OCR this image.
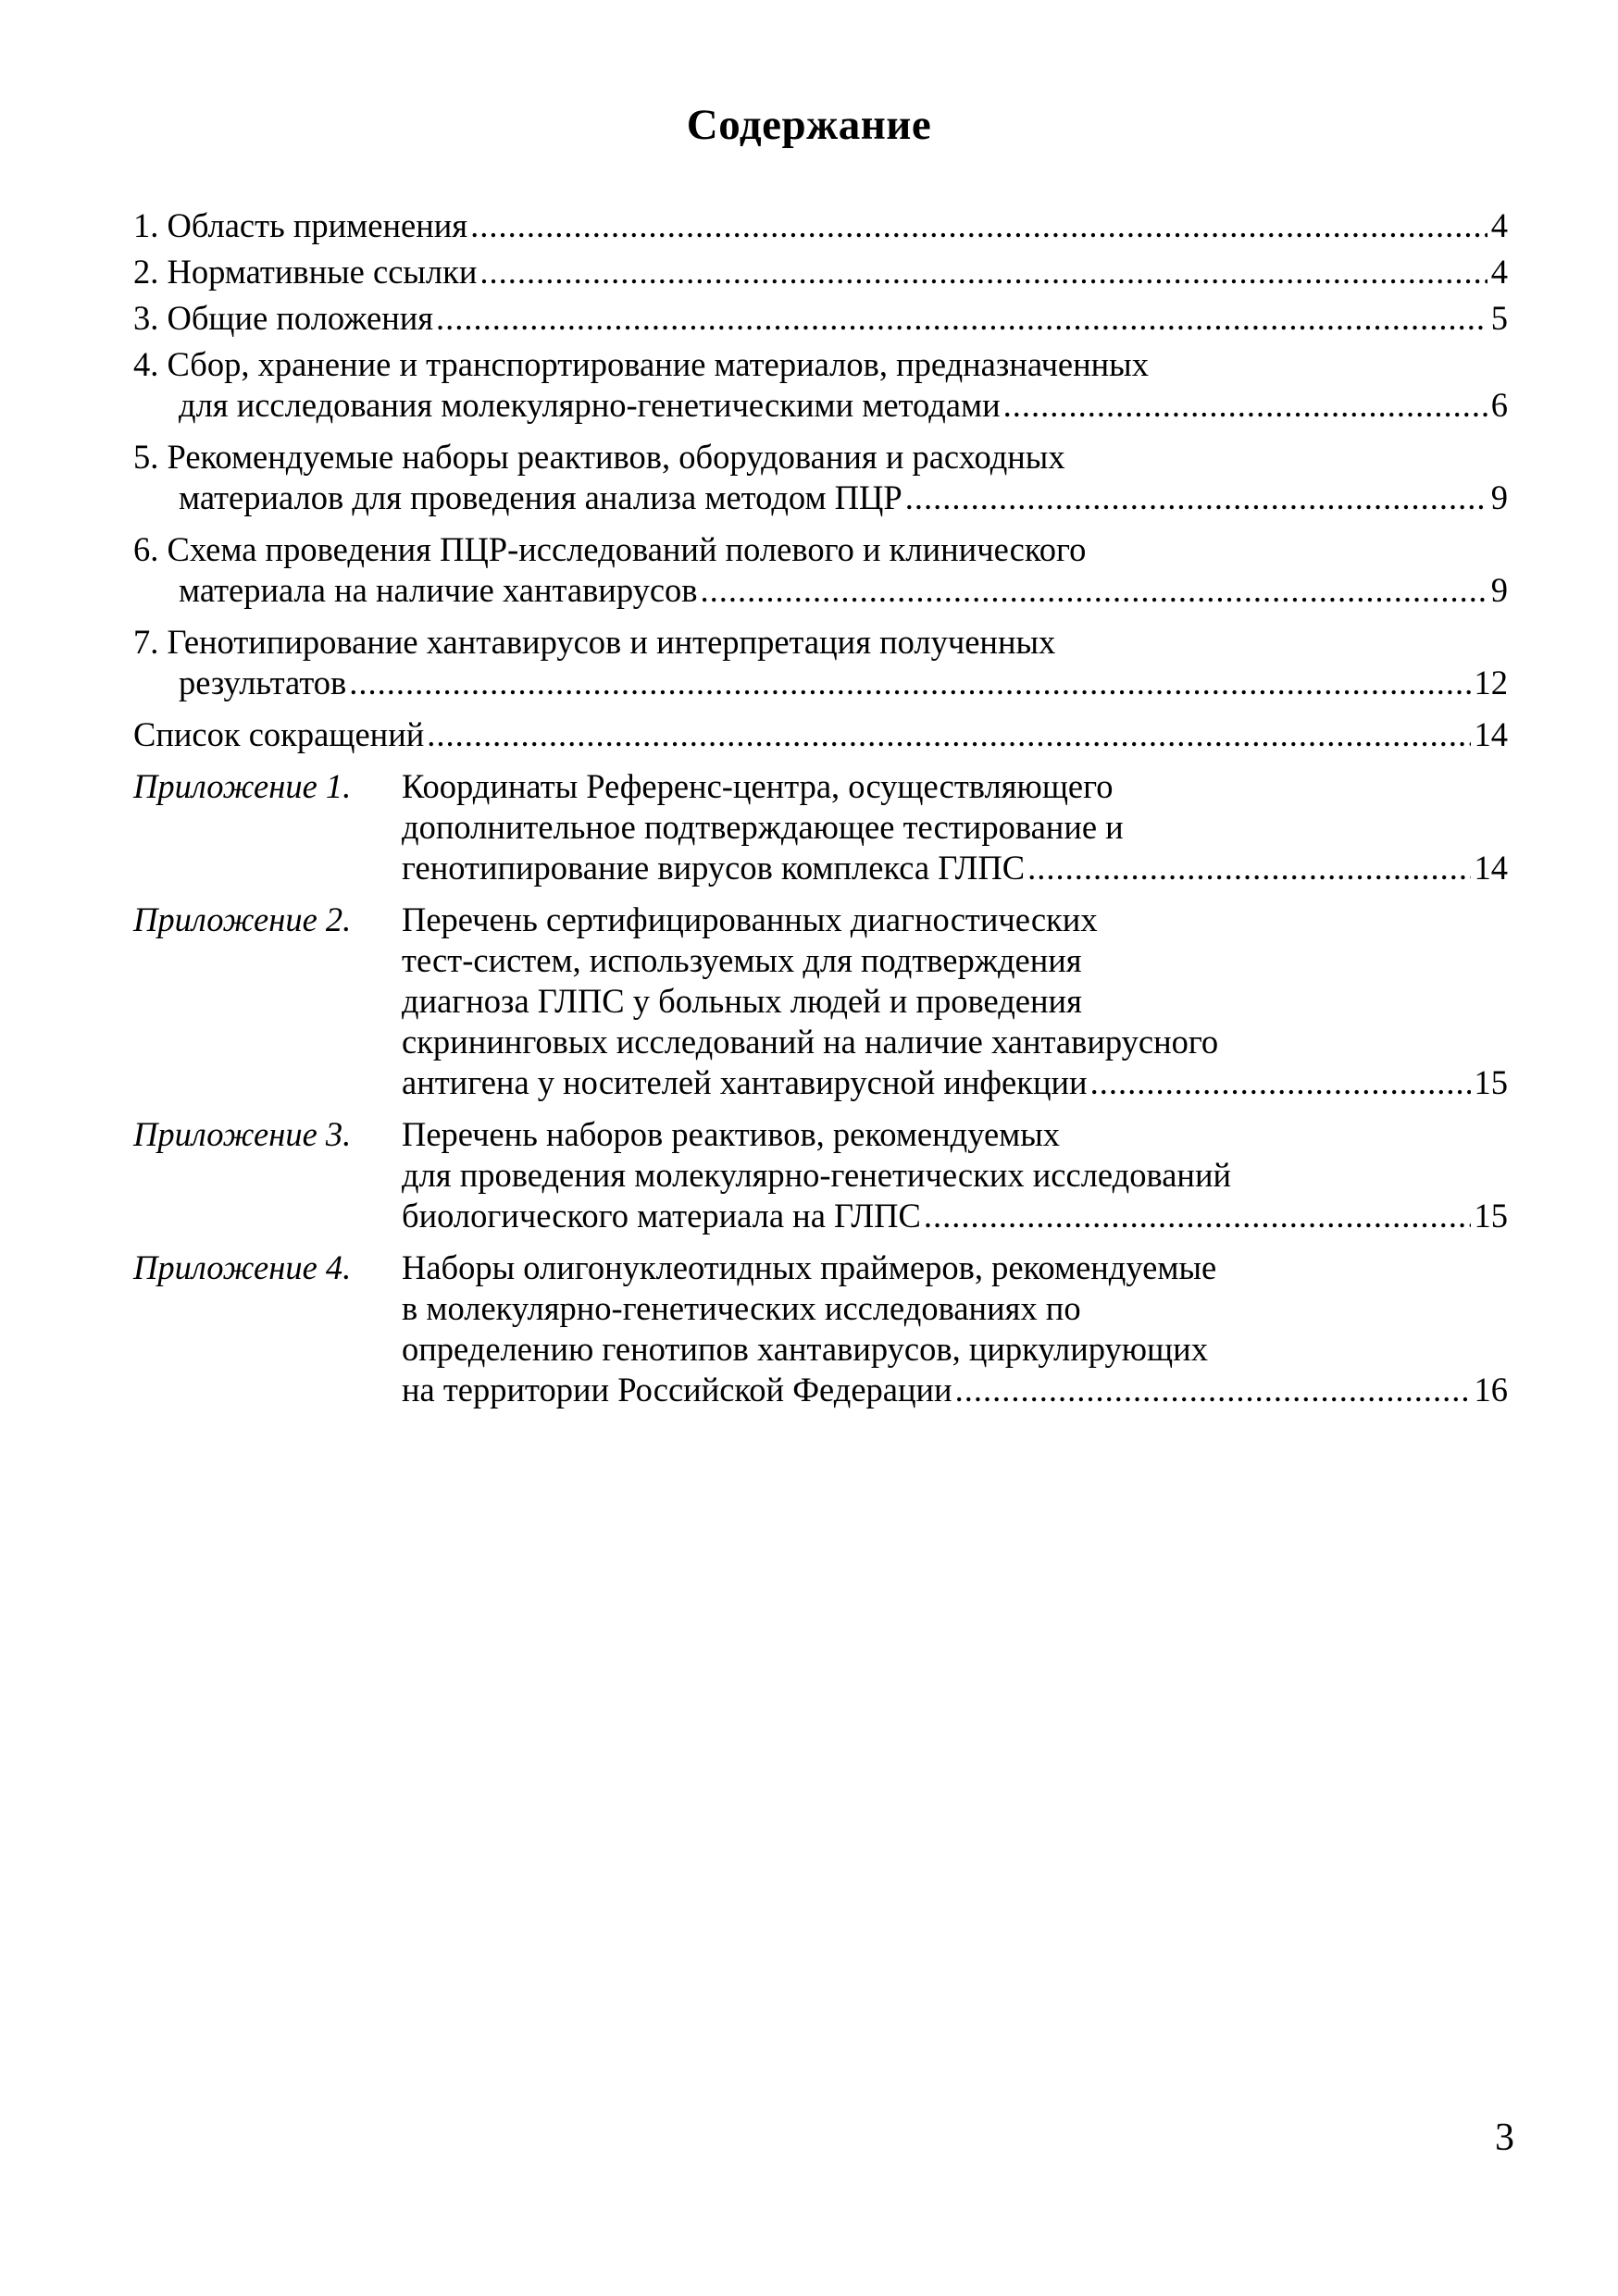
Содержание
1. Область применения .....	4
2. Нормативные ссылки .....	4
3. Общие положения .....	5
4. Сбор, хранение и транспортирование материалов, предназначенных
для исследования молекулярно-генетическими методами .....	6
5. Рекомендуемые наборы реактивов, оборудования и расходных
материалов для проведения анализа методом ПЦР .....	9
6. Схема проведения ПЦР-исследований полевого и клинического
материала на наличие хантавирусов .....	9
7. Генотипирование хантавирусов и интерпретация полученных
результатов .....	12
Список сокращений .....	14
Приложение 1.	Координаты Референс-центра, осуществляющего
дополнительное подтверждающее тестирование и
генотипирование вирусов комплекса ГЛПС .....	14
Приложение 2.	Перечень сертифицированных диагностических
тест-систем, используемых для подтверждения
диагноза ГЛПС у больных людей и проведения
скрининговых исследований на наличие хантавирусного
антигена у носителей хантавирусной инфекции .....	15
Приложение 3.	Перечень наборов реактивов, рекомендуемых
для проведения молекулярно-генетических исследований
биологического материала на ГЛПС .....	15
Приложение 4.	Наборы олигонуклеотидных праймеров, рекомендуемые
в молекулярно-генетических исследованиях по
определению генотипов хантавирусов, циркулирующих
на территории Российской Федерации .....	16
3
